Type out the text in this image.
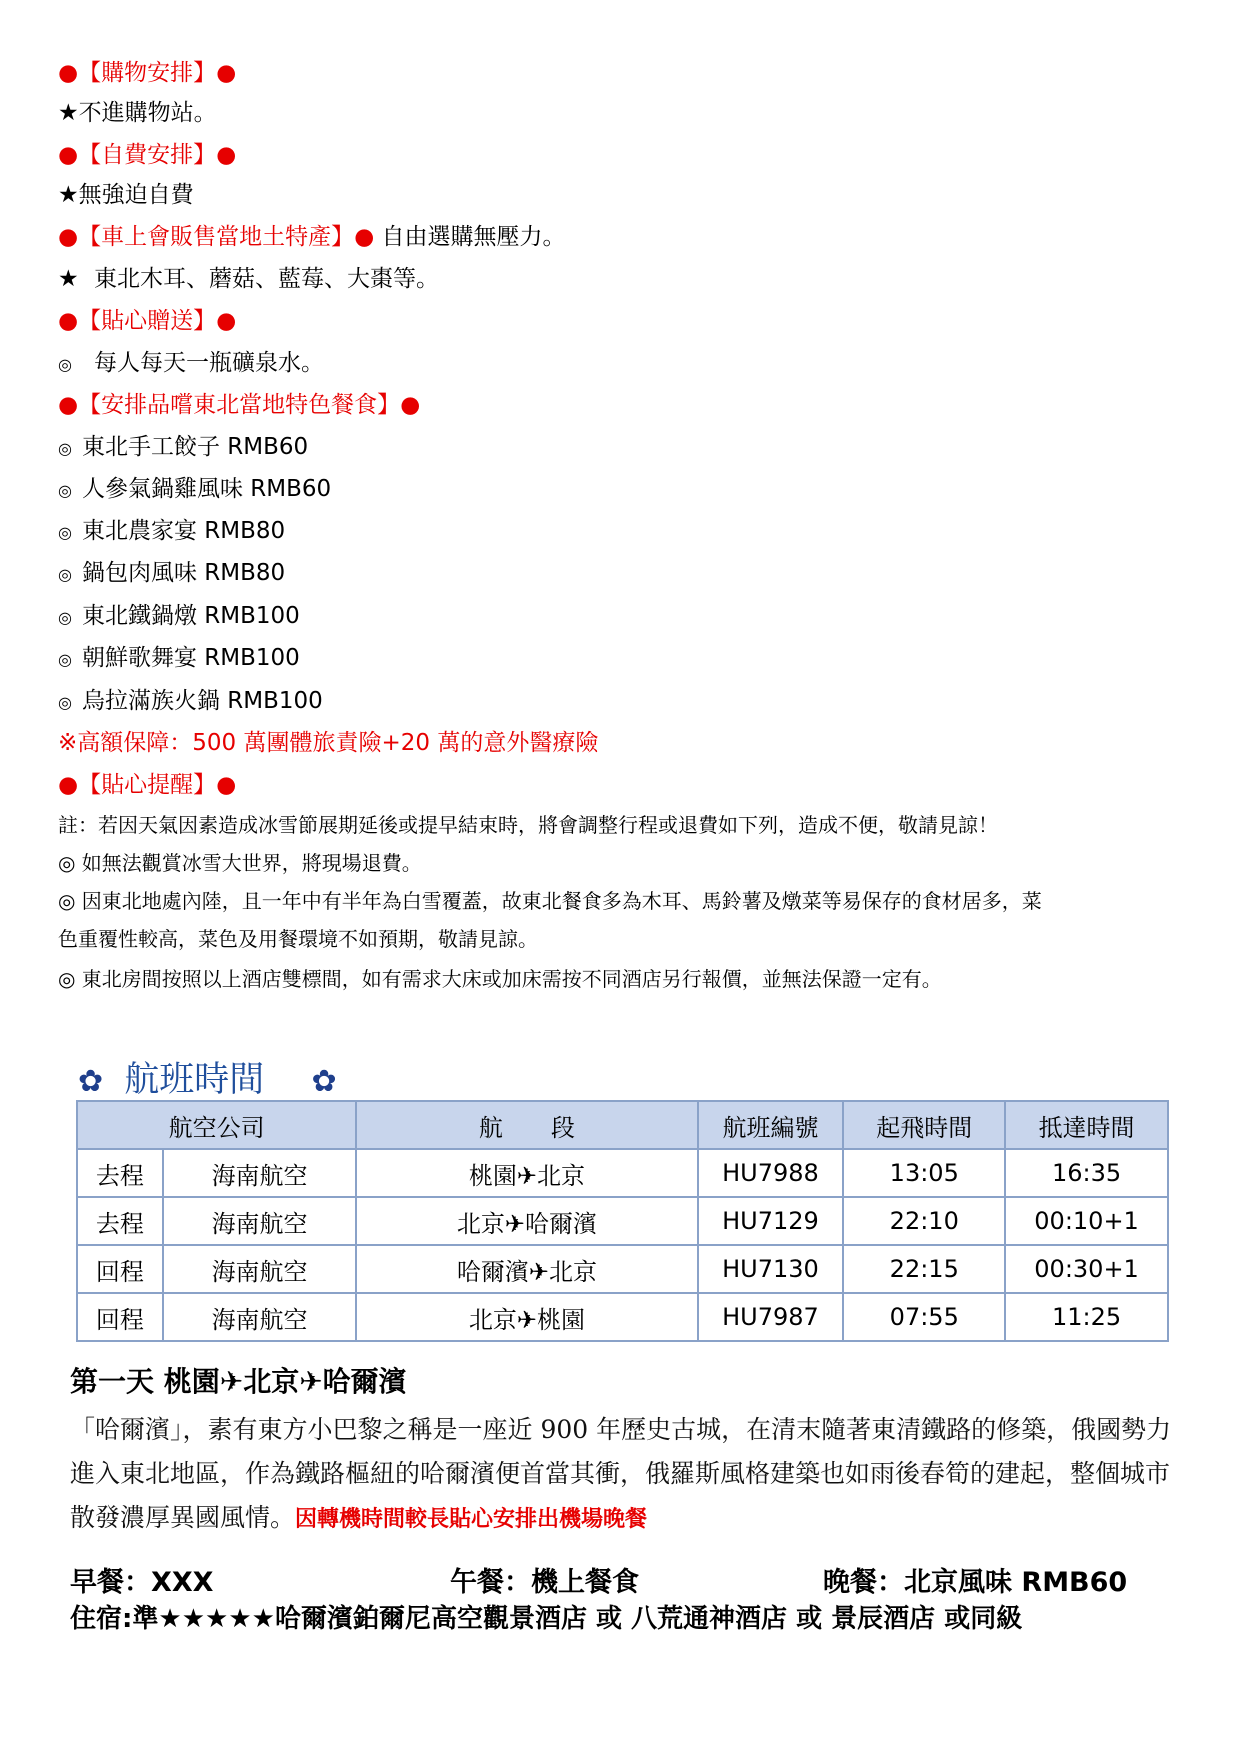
●【購物安排】●
★不進購物站。
●【自費安排】●
★無強迫自費
●【車上會販售當地土特產】● 自由選購無壓力。
★ 東北木耳、蘑菇、藍莓、大棗等。
●【貼心贈送】●
◎ 每人每天一瓶礦泉水。
●【安排品嚐東北當地特色餐食】●
◎ 東北手工餃子 RMB60
◎ 人參氣鍋雞風味 RMB60
◎ 東北農家宴 RMB80
◎ 鍋包肉風味 RMB80
◎ 東北鐵鍋燉 RMB100
◎ 朝鮮歌舞宴 RMB100
◎ 烏拉滿族火鍋 RMB100
※高額保障：500 萬團體旅責險+20 萬的意外醫療險
●【貼心提醒】●
註：若因天氣因素造成冰雪節展期延後或提早結束時，將會調整行程或退費如下列，造成不便，敬請見諒！
◎ 如無法觀賞冰雪大世界，將現場退費。
◎ 因東北地處內陸，且一年中有半年為白雪覆蓋，故東北餐食多為木耳、馬鈴薯及燉菜等易保存的食材居多，菜
色重覆性較高，菜色及用餐環境不如預期，敬請見諒。
◎ 東北房間按照以上酒店雙標間，如有需求大床或加床需按不同酒店另行報價，並無法保證一定有。
✿ 航班時間 ✿
航空公司		航　　段	航班編號	起飛時間	抵達時間
去程	海南航空	桃園✈北京	HU7988	13:05	16:35
去程	海南航空	北京✈哈爾濱	HU7129	22:10	00:10+1
回程	海南航空	哈爾濱✈北京	HU7130	22:15	00:30+1
回程	海南航空	北京✈桃園	HU7987	07:55	11:25
第一天 桃園✈北京✈哈爾濱
「哈爾濱」，素有東方小巴黎之稱是一座近 900 年歷史古城，在清末隨著東清鐵路的修築，俄國勢力進入東北地區，作為鐵路樞紐的哈爾濱便首當其衝，俄羅斯風格建築也如雨後春筍的建起，整個城市散發濃厚異國風情。因轉機時間較長貼心安排出機場晚餐
早餐：XXX	午餐：機上餐食	晚餐：北京風味 RMB60
住宿:準★★★★★哈爾濱鉑爾尼高空觀景酒店 或 八荒通神酒店 或 景辰酒店 或同級
